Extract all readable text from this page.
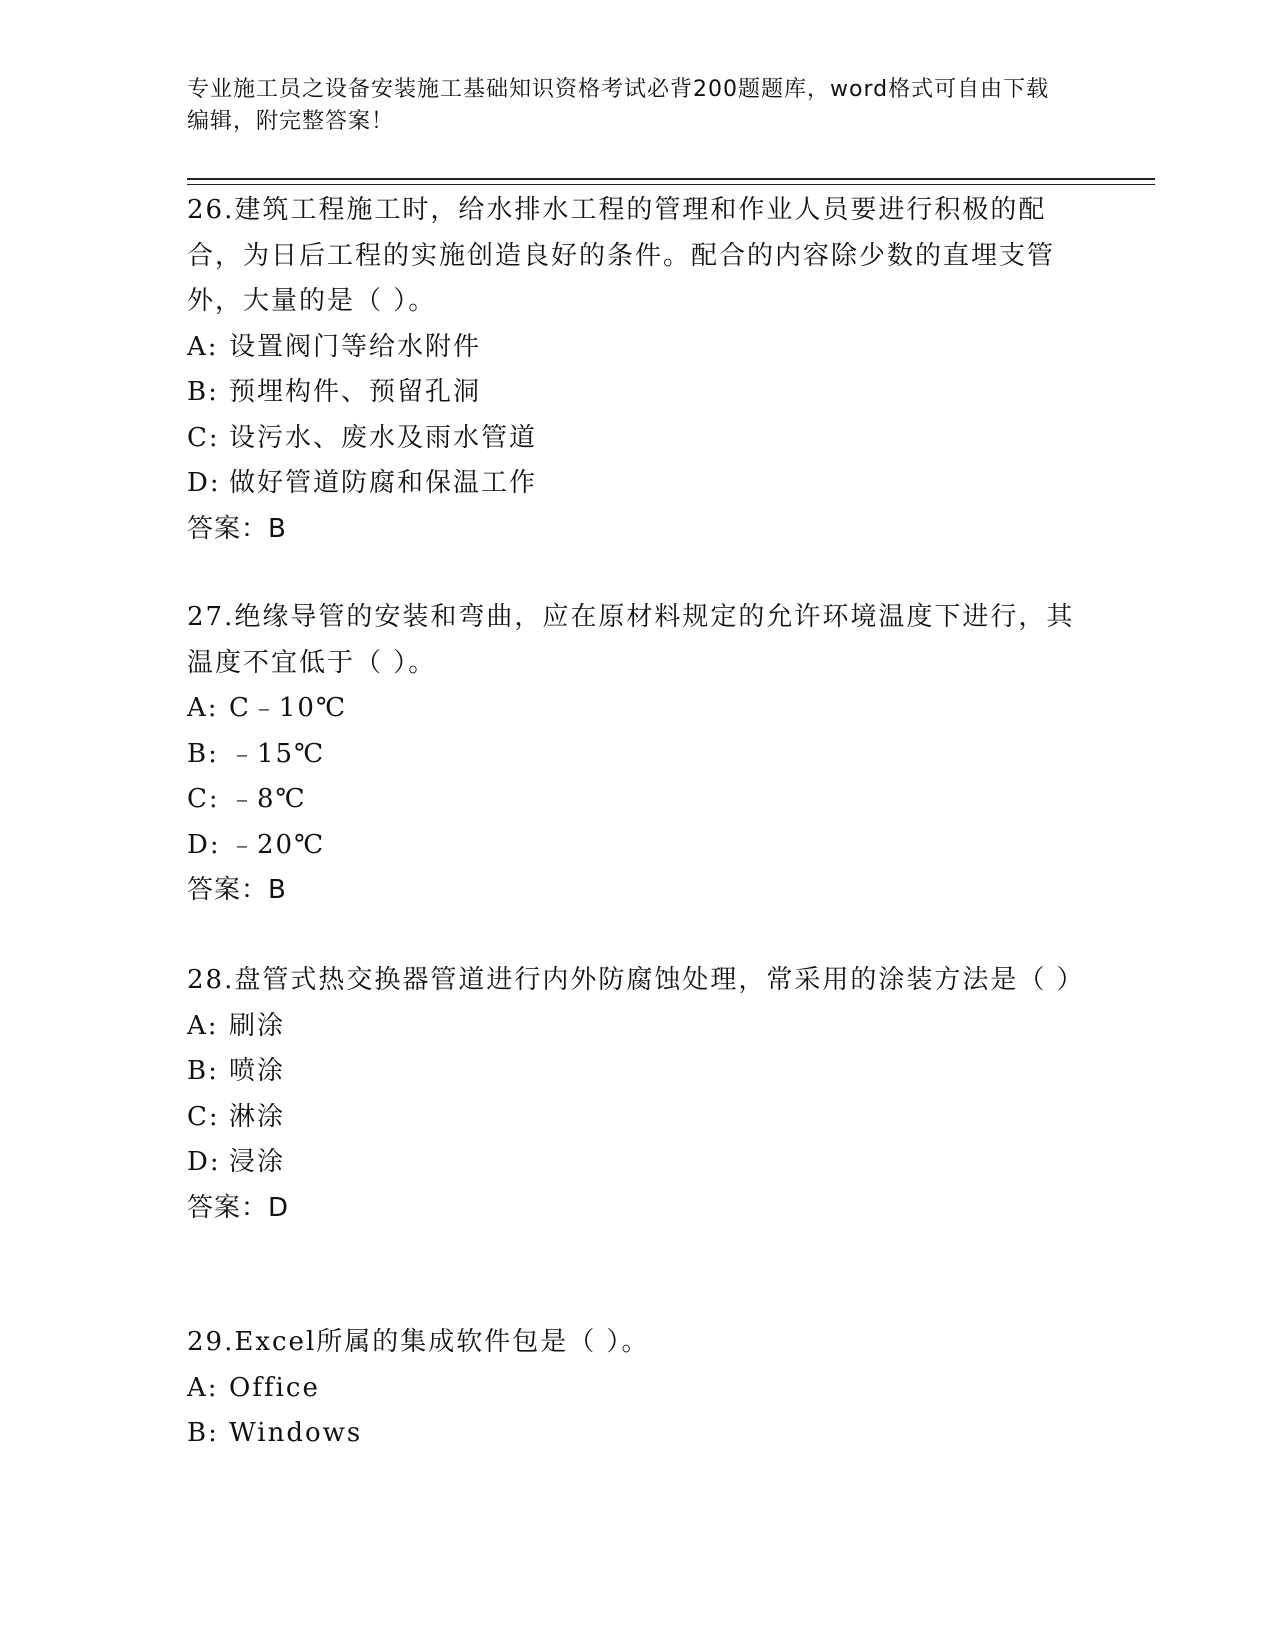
专业施工员之设备安装施工基础知识资格考试必背200题题库，word格式可自由下载编辑，附完整答案！

26.建筑工程施工时，给水排水工程的管理和作业人员要进行积极的配合，为日后工程的实施创造良好的条件。配合的内容除少数的直埋支管外，大量的是（ ）。

A: 设置阀门等给水附件

B: 预埋构件、预留孔洞

C: 设污水、废水及雨水管道

D: 做好管道防腐和保温工作

答案：B

27.绝缘导管的安装和弯曲，应在原材料规定的允许环境温度下进行，其温度不宜低于（ ）。

A: C﹣10℃

B: ﹣15℃

C: ﹣8℃

D: ﹣20℃

答案：B

28.盘管式热交换器管道进行内外防腐蚀处理，常采用的涂装方法是（ ）

A: 刷涂

B: 喷涂

C: 淋涂

D: 浸涂

答案：D

29.Excel所属的集成软件包是（ ）。

A: Office

B: Windows
